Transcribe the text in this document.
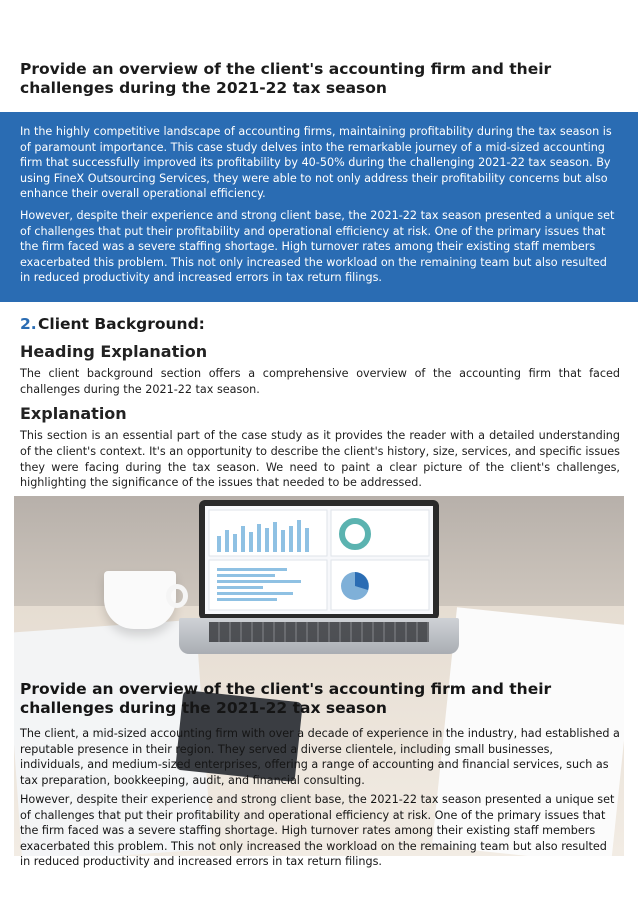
Provide an overview of the client's accounting firm and their challenges during the 2021-22 tax season

In the highly competitive landscape of accounting firms, maintaining profitability during the tax season is of paramount importance. This case study delves into the remarkable journey of a mid-sized accounting firm that successfully improved its profitability by 40-50% during the challenging 2021-22 tax season. By using FineX Outsourcing Services, they were able to not only address their profitability concerns but also enhance their overall operational efficiency.

However, despite their experience and strong client base, the 2021-22 tax season presented a unique set of challenges that put their profitability and operational efficiency at risk. One of the primary issues that the firm faced was a severe staffing shortage. High turnover rates among their existing staff members exacerbated this problem. This not only increased the workload on the remaining team but also resulted in reduced productivity and increased errors in tax return filings.

2. Client Background:
Heading Explanation
The client background section offers a comprehensive overview of the accounting firm that faced challenges during the 2021-22 tax season.
Explanation
This section is an essential part of the case study as it provides the reader with a detailed understanding of the client's context. It's an opportunity to describe the client's history, size, services, and specific issues they were facing during the tax season. We need to paint a clear picture of the client's challenges, highlighting the significance of the issues that needed to be addressed.
Provide an overview of the client's accounting firm and their challenges during the 2021-22 tax season
The client, a mid-sized accounting firm with over a decade of experience in the industry, had established a reputable presence in their region. They served a diverse clientele, including small businesses, individuals, and medium-sized enterprises, offering a range of accounting and financial services, such as tax preparation, bookkeeping, audit, and financial consulting.
However, despite their experience and strong client base, the 2021-22 tax season presented a unique set of challenges that put their profitability and operational efficiency at risk. One of the primary issues that the firm faced was a severe staffing shortage. High turnover rates among their existing staff members exacerbated this problem. This not only increased the workload on the remaining team but also resulted in reduced productivity and increased errors in tax return filings.
